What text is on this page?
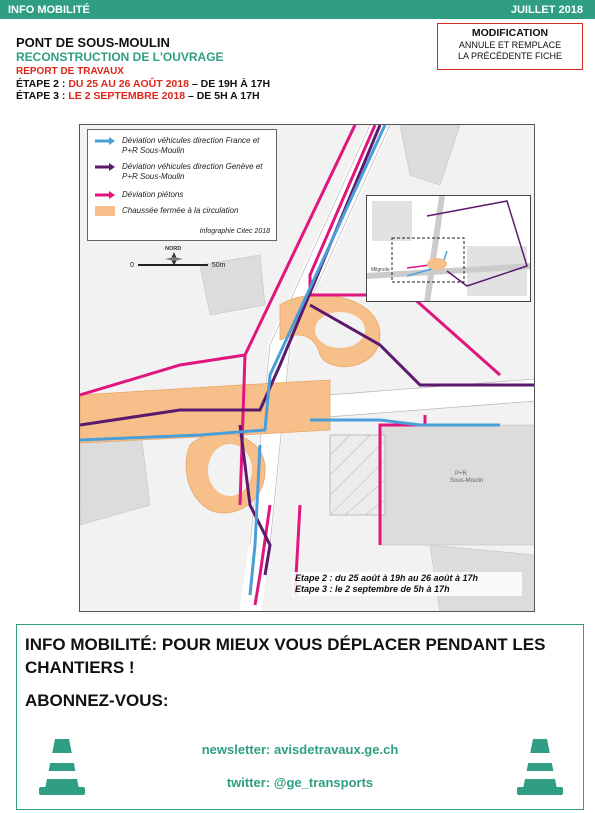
INFO MOBILITÉ	JUILLET 2018
PONT DE SOUS-MOULIN
RECONSTRUCTION DE L'OUVRAGE
REPORT DE TRAVAUX
ÉTAPE 2 : DU 25 AU 26 AOÛT 2018 – DE 19H À 17H
ÉTAPE 3 : LE 2 SEPTEMBRE 2018 – DE 5H A 17H
MODIFICATION
ANNULE ET REMPLACE
LA PRÉCÉDENTE FICHE
P+R
Sous-Moulin
Déviation véhicules direction France et P+R Sous-Moulin
Déviation véhicules direction Genève et P+R Sous-Moulin
Déviation piétons
Chaussée fermée à la circulation
Infographie Citec 2018
NORD
0	50m
Milgnole
Etape 2 : du 25 août à 19h au 26 août à 17h
Etape 3 : le 2 septembre de 5h à 17h
INFO MOBILITÉ: POUR MIEUX VOUS DÉPLACER PENDANT LES CHANTIERS !
ABONNEZ-VOUS:
newsletter: avisdetravaux.ge.ch
twitter: @ge_transports
